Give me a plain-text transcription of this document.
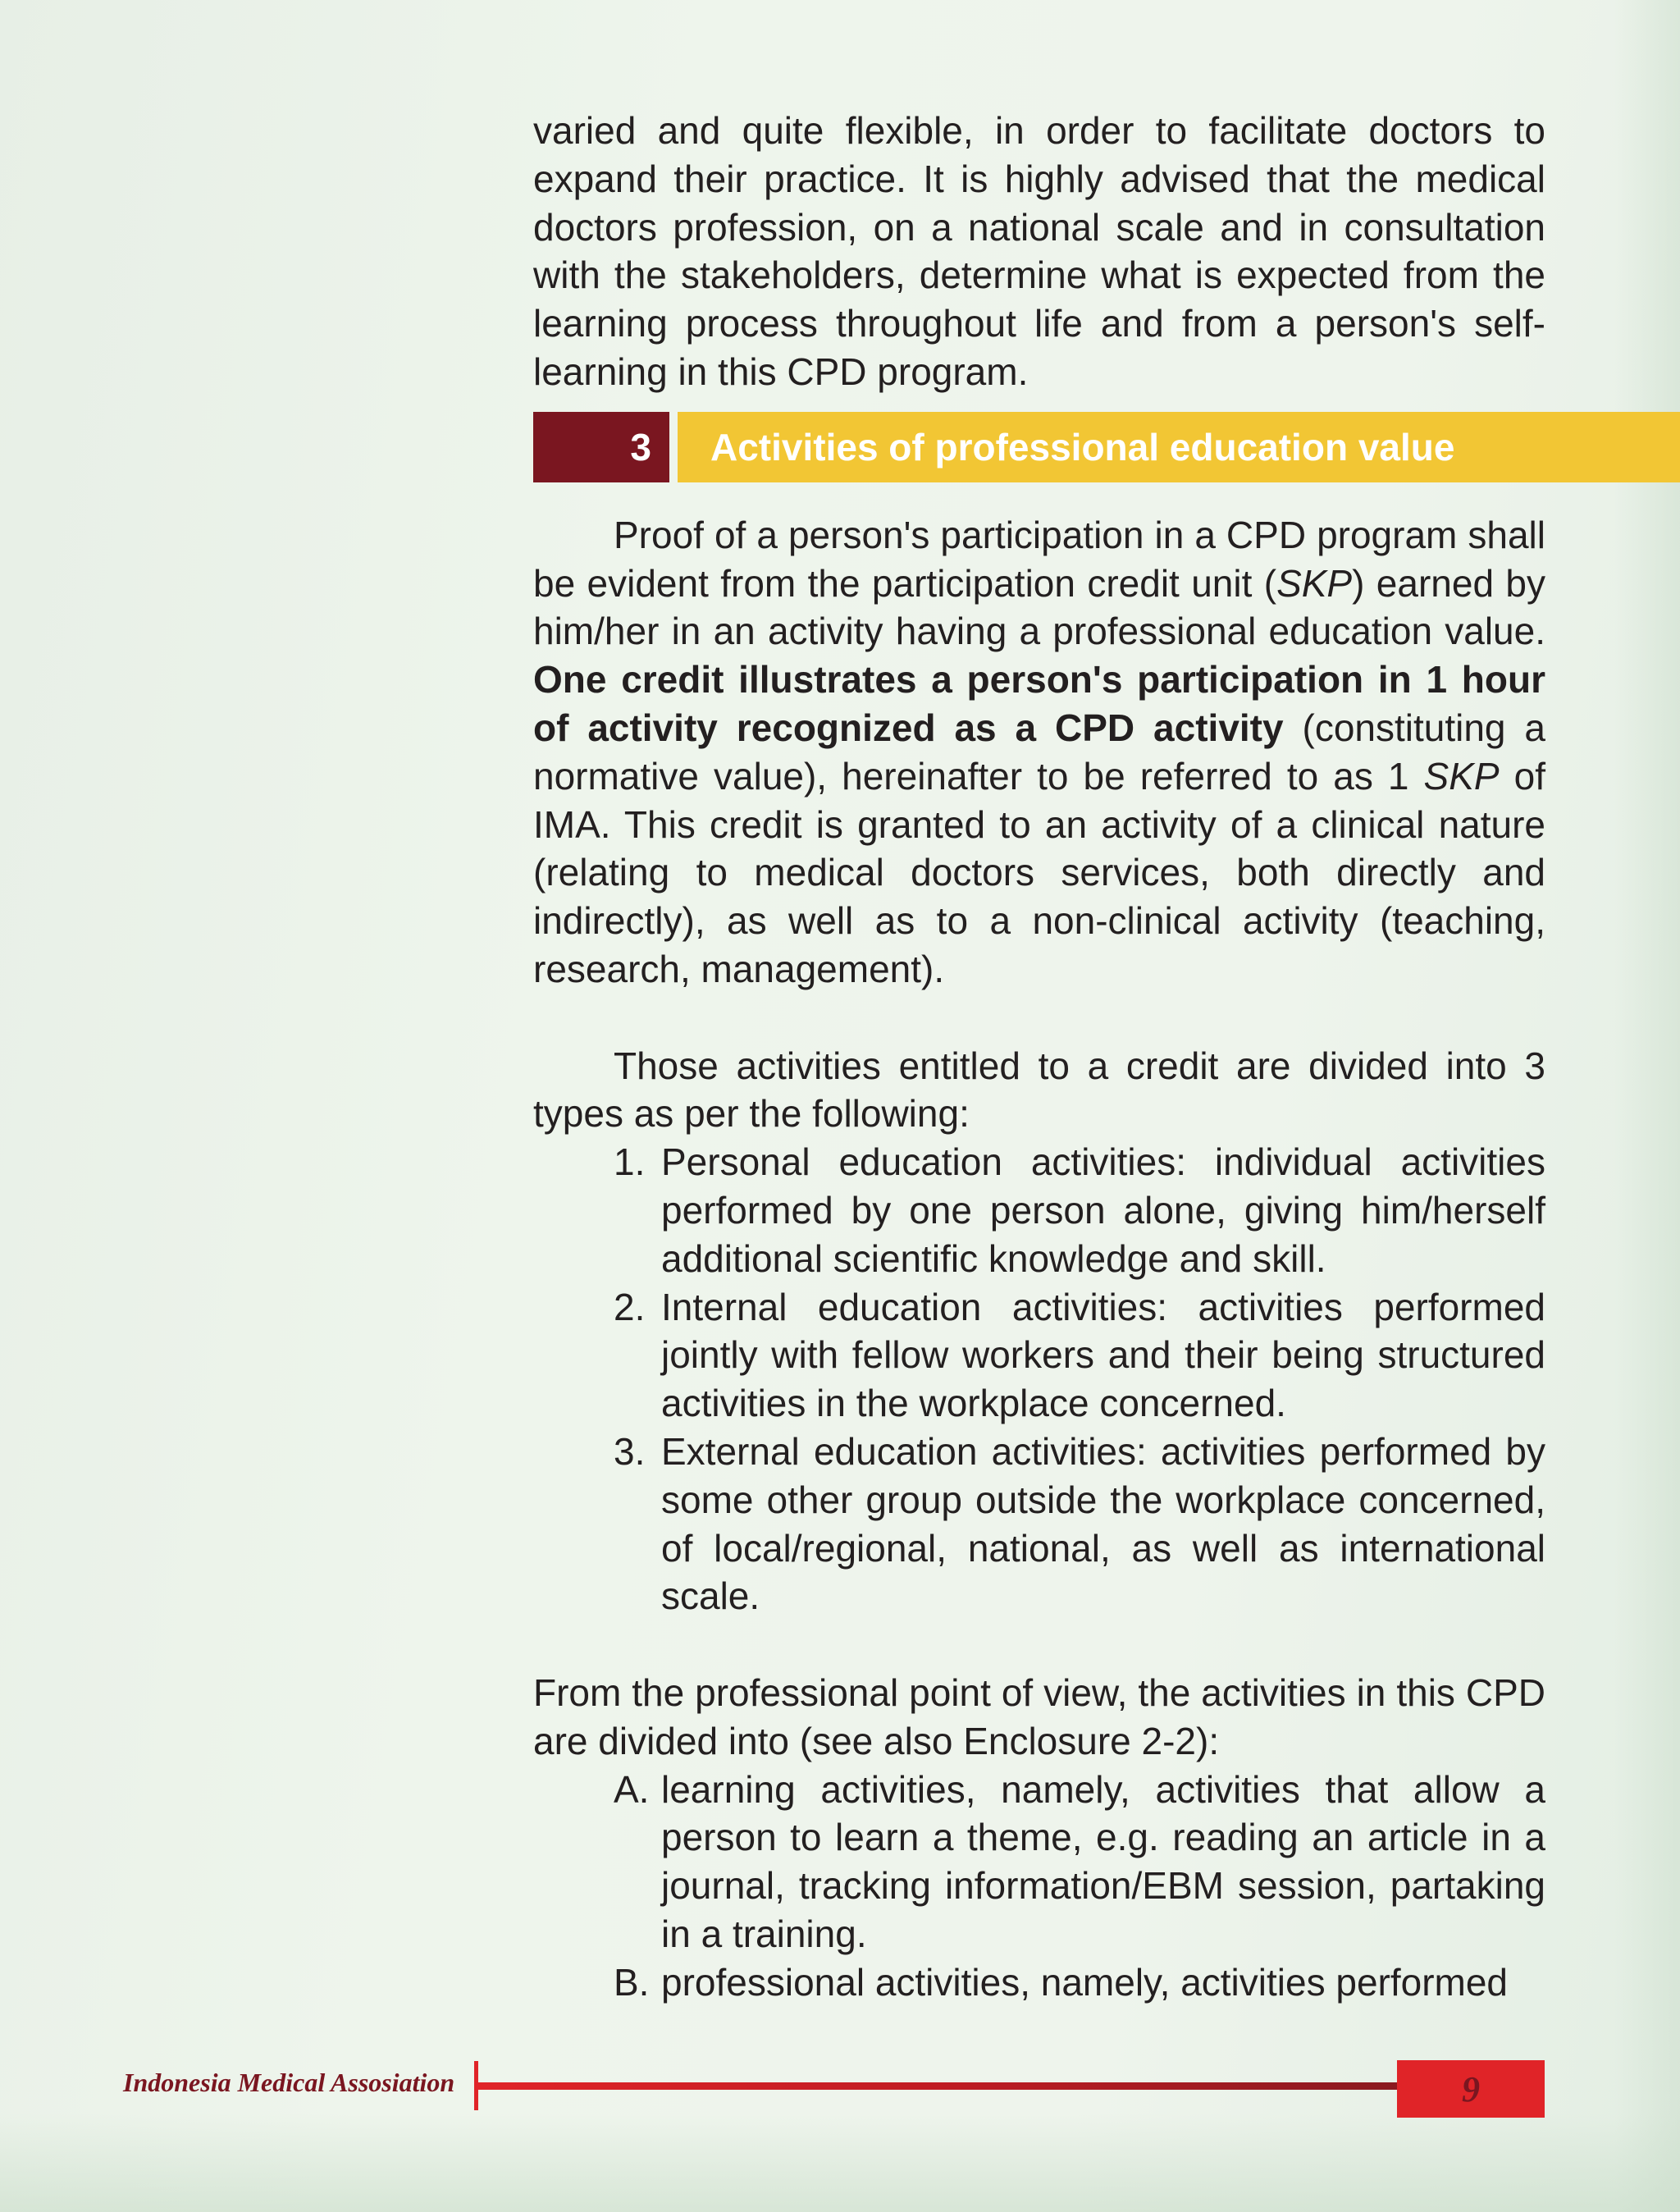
varied and quite flexible, in order to facilitate doctors to expand their practice. It is highly advised that the medical doctors profession, on a national scale and in consultation with the stakeholders, determine what is expected from the learning process throughout life and from a person's self-learning in this CPD program.

Proof of a person's participation in a CPD program shall be evident from the participation credit unit (SKP) earned by him/her in an activity having a professional education value. One credit illustrates a person's participation in 1 hour of activity recognized as a CPD activity (constituting a normative value), hereinafter to be referred to as 1 SKP of IMA. This credit is granted to an activity of a clinical nature (relating to medical doctors services, both directly and indirectly), as well as to a non-clinical activity (teaching, research, management).

Those activities entitled to a credit are divided into 3 types as per the following:

1. Personal education activities: individual activities performed by one person alone, giving him/herself additional scientific knowledge and skill.
2. Internal education activities: activities performed jointly with fellow workers and their being structured activities in the workplace concerned.
3. External education activities: activities performed by some other group outside the workplace concerned, of local/regional, national, as well as international scale.

From the professional point of view, the activities in this CPD are divided into (see also Enclosure 2-2):

A. learning activities, namely, activities that allow a person to learn a theme, e.g. reading an article in a journal, tracking information/EBM session, partaking in a training.
B. professional activities, namely, activities performed
3	Activities of professional education value
Indonesia Medical Assosiation	9
